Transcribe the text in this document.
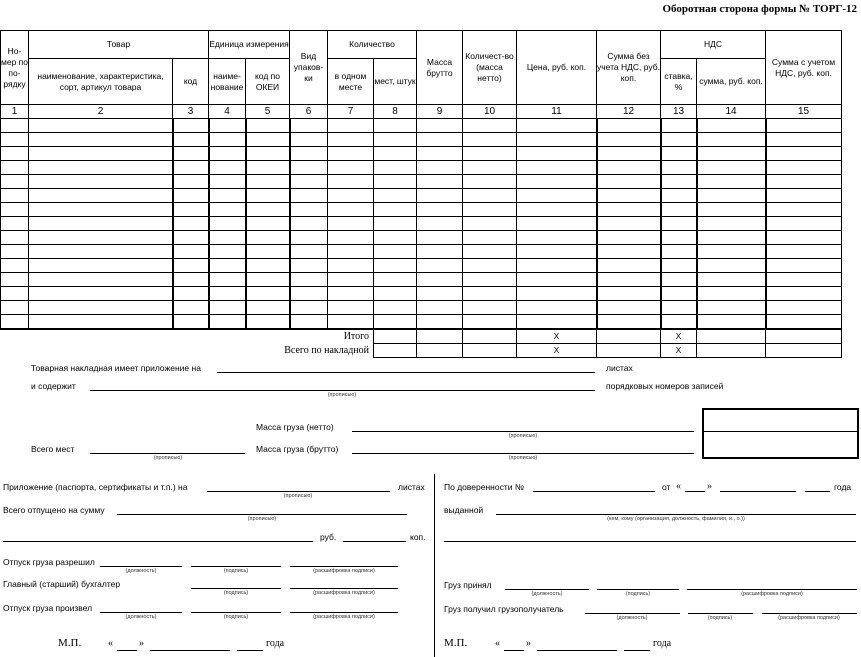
Оборотная сторона формы № ТОРГ-12
Но-мер по по-рядку	Товар		Единица измерения		Вид упаков-ки	Количество		Масса брутто	Количест-во (масса нетто)	Цена, руб. коп.	Сумма без учета НДС, руб. коп.	НДС		Сумма с учетом НДС, руб. коп.
	наименование, характеристика, сорт, артикул товара	код	наиме-нование	код по ОКЕИ		в одном месте	мест, штук					ставка, %	сумма, руб. коп.	
1	2	3	4	5	6	7	8	9	10	11	12	13	14	15

Итого										Х		Х		
Всего по накладной										Х		Х		
Товарная накладная имеет приложение на	листах
и содержит
(прописью)
порядковых номеров записей
Масса груза (нетто)
(прописью)
Всего мест
(прописью)
Масса груза (брутто)
(прописью)
Приложение (паспорта, сертификаты и т.п.) на
(прописью)
листах
Всего отпущено на сумму
(прописью)
руб.	коп.
Отпуск груза разрешил
(должность)	(подпись)	(расшифровка подписи)
Главный (старший) бухгалтер
(подпись)	(расшифровка подписи)
Отпуск груза произвел
(должность)	(подпись)	(расшифровка подписи)
М.П.	«	»	года
По доверенности №	от «	»	года
выданной
(кем, кому (организация, должность, фамилия, и., о.))
Груз принял
(должность)	(подпись)	(расшифровка подписи)
Груз получил грузополучатель
(должность)	(подпись)	(расшифровка подписи)
М.П.	«	»	года
